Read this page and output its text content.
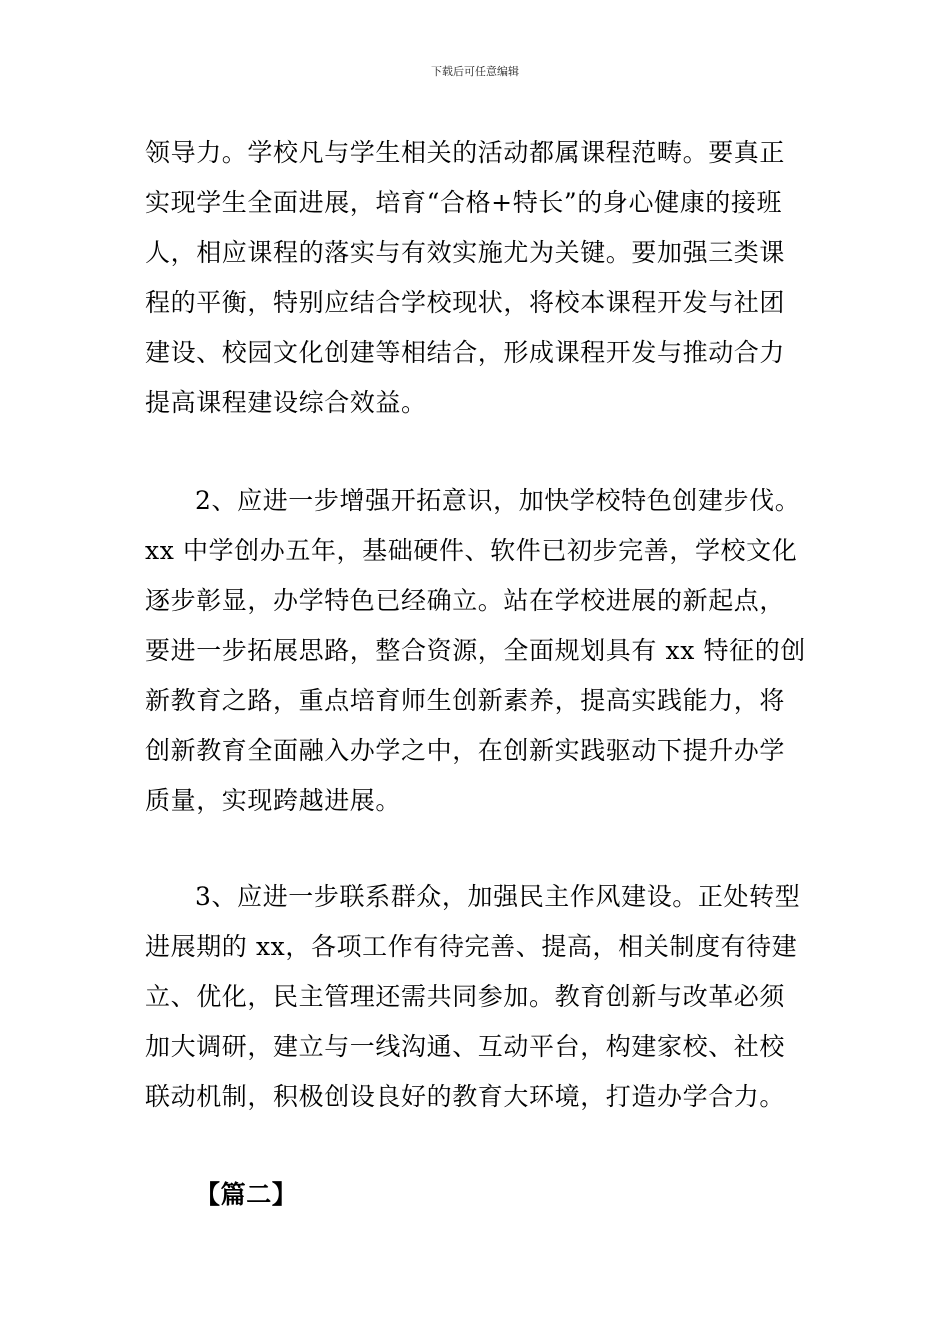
下载后可任意编辑
领导力。学校凡与学生相关的活动都属课程范畴。要真正
实现学生全面进展，培育“合格+特长”的身心健康的接班
人，相应课程的落实与有效实施尤为关键。要加强三类课
程的平衡，特别应结合学校现状，将校本课程开发与社团
建设、校园文化创建等相结合，形成课程开发与推动合力
提高课程建设综合效益。
2、应进一步增强开拓意识，加快学校特色创建步伐。
xx 中学创办五年，基础硬件、软件已初步完善，学校文化
逐步彰显，办学特色已经确立。站在学校进展的新起点，
要进一步拓展思路，整合资源，全面规划具有 xx 特征的创
新教育之路，重点培育师生创新素养，提高实践能力，将
创新教育全面融入办学之中，在创新实践驱动下提升办学
质量，实现跨越进展。
3、应进一步联系群众，加强民主作风建设。正处转型
进展期的 xx，各项工作有待完善、提高，相关制度有待建
立、优化，民主管理还需共同参加。教育创新与改革必须
加大调研，建立与一线沟通、互动平台，构建家校、社校
联动机制，积极创设良好的教育大环境，打造办学合力。
【篇二】
